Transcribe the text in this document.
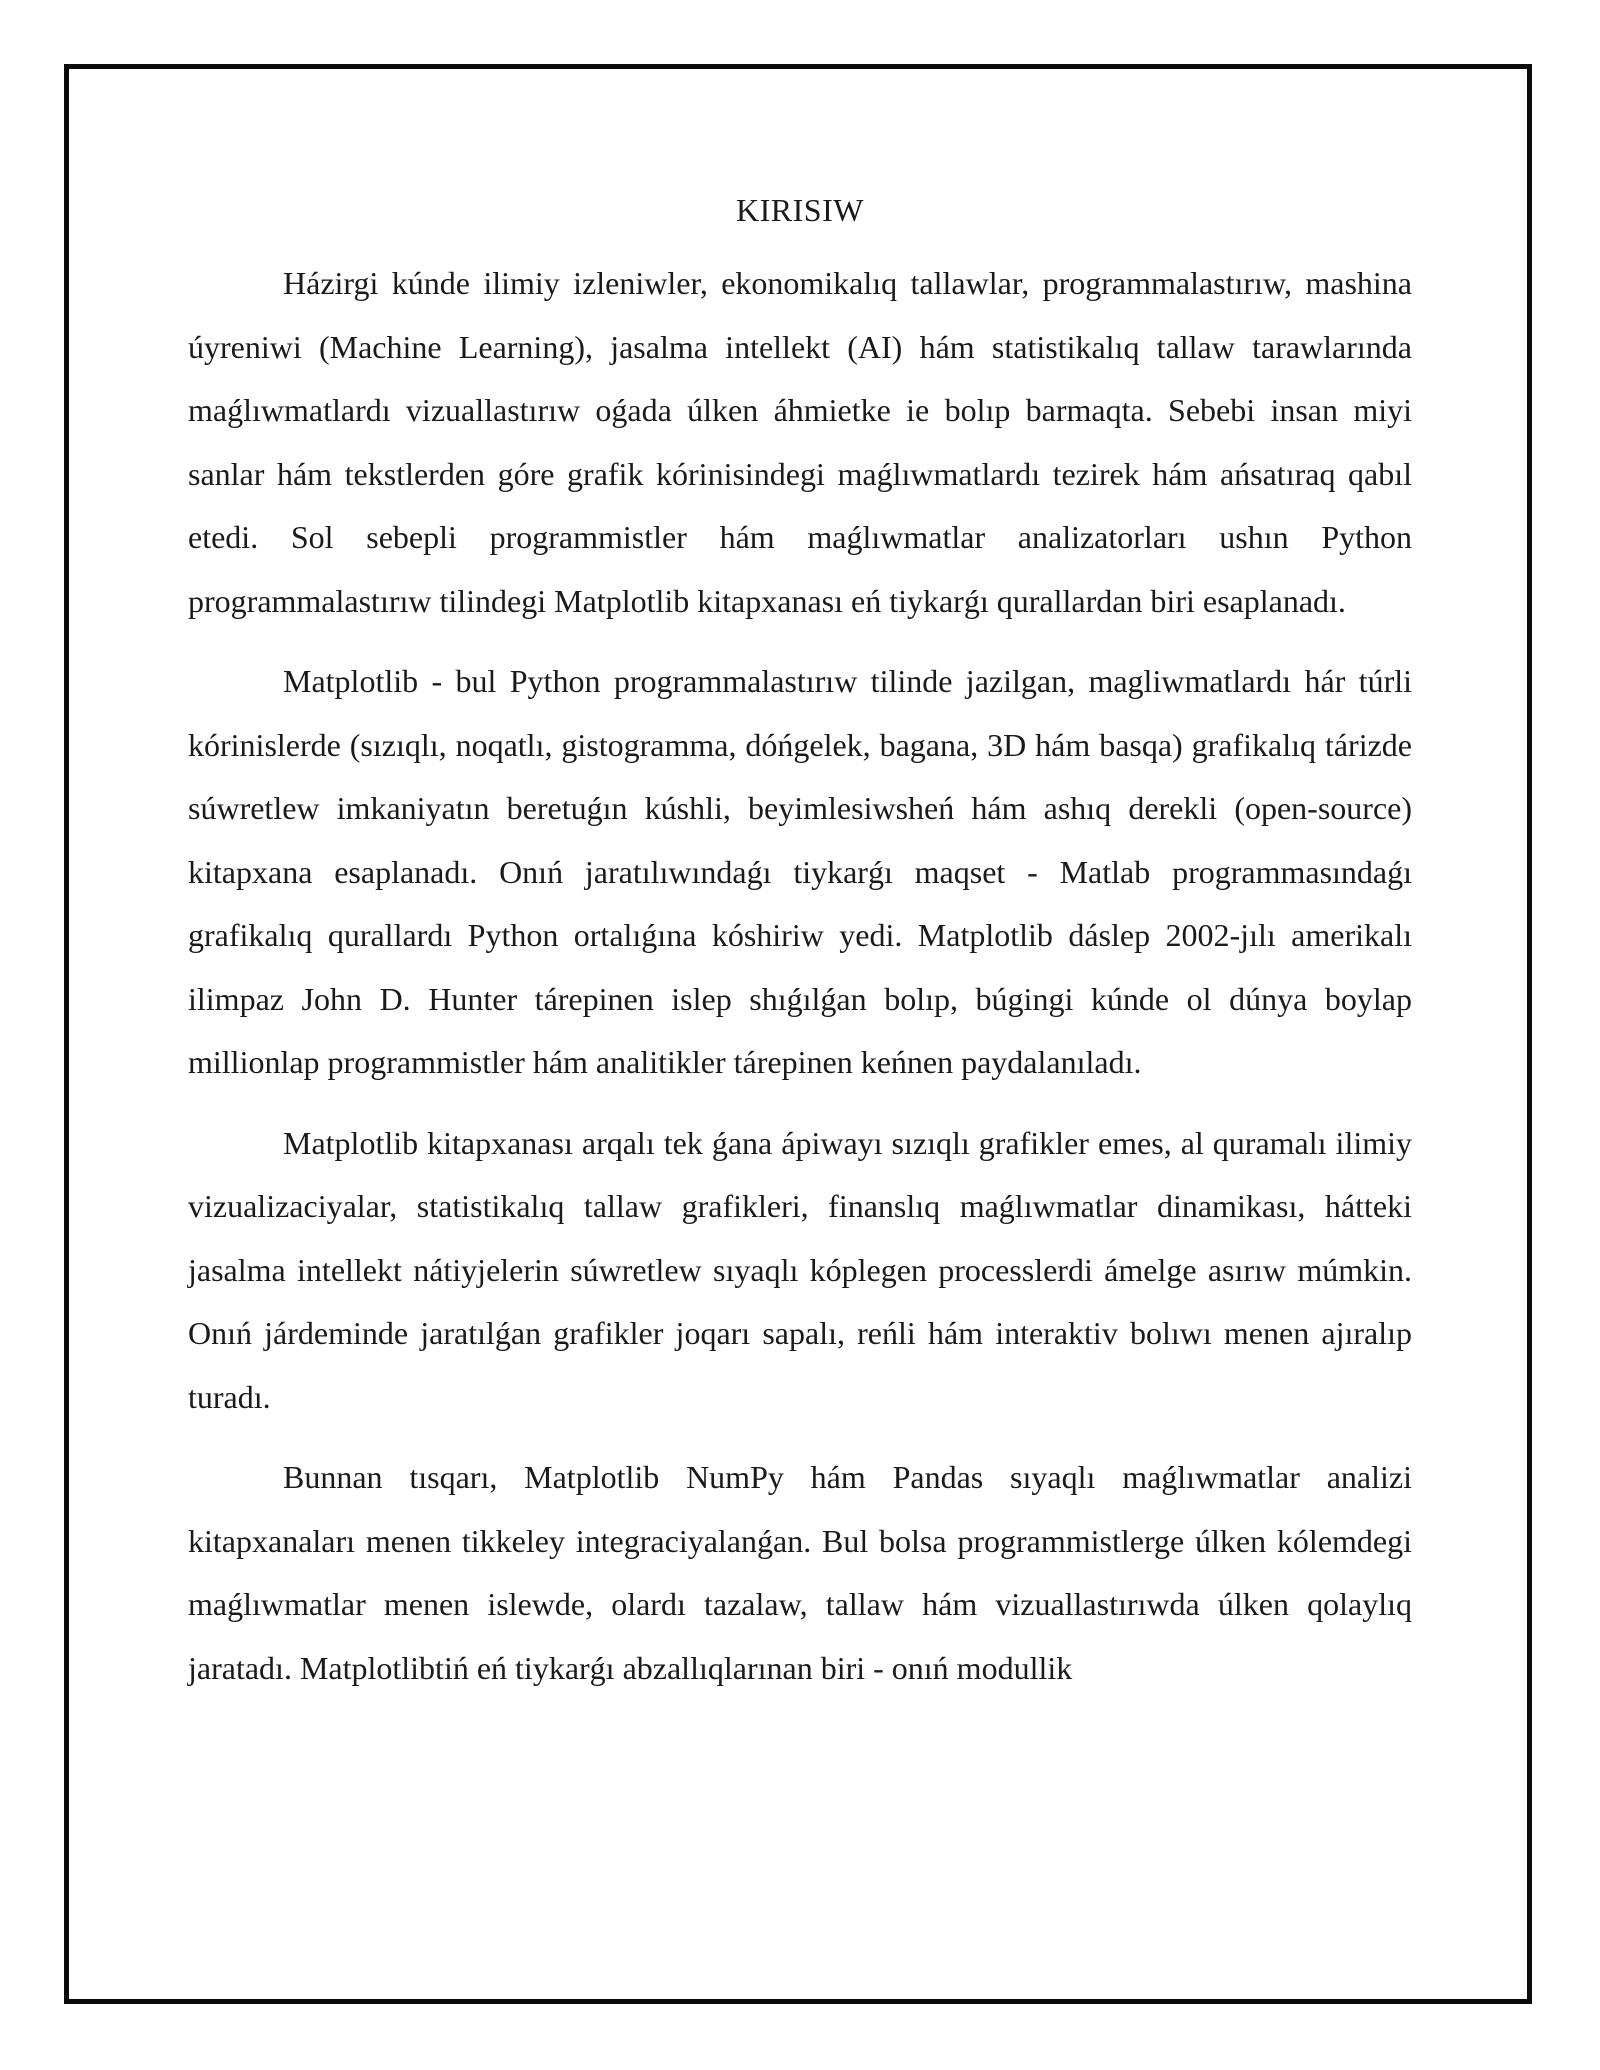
KIRISIW

Házirgi kúnde ilimiy izleniwler, ekonomikalıq tallawlar, programmalastırıw, mashina úyreniwi (Machine Learning), jasalma intellekt (AI) hám statistikalıq tallaw tarawlarında maǵlıwmatlardı vizuallastırıw oǵada úlken áhmietke ie bolıp barmaqta. Sebebi insan miyi sanlar hám tekstlerden góre grafik kórinisindegi maǵlıwmatlardı tezirek hám ańsatıraq qabıl etedi. Sol sebepli programmistler hám maǵlıwmatlar analizatorları ushın Python programmalastırıw tilindegi Matplotlib kitapxanası eń tiykarǵı qurallardan biri esaplanadı.

Matplotlib - bul Python programmalastırıw tilinde jazilgan, magliwmatlardı hár túrli kórinislerde (sızıqlı, noqatlı, gistogramma, dóńgelek, bagana, 3D hám basqa) grafikalıq tárizde súwretlew imkaniyatın beretuǵın kúshli, beyimlesiwsheń hám ashıq derekli (open-source) kitapxana esaplanadı. Onıń jaratılıwındaǵı tiykarǵı maqset - Matlab programmasındaǵı grafikalıq qurallardı Python ortalıǵına kóshiriw yedi. Matplotlib dáslep 2002-jılı amerikalı ilimpaz John D. Hunter tárepinen islep shıǵılǵan bolıp, búgingi kúnde ol dúnya boylap millionlap programmistler hám analitikler tárepinen keńnen paydalanıladı.

Matplotlib kitapxanası arqalı tek ǵana ápiwayı sızıqlı grafikler emes, al quramalı ilimiy vizualizaciyalar, statistikalıq tallaw grafikleri, finanslıq maǵlıwmatlar dinamikası, hátteki jasalma intellekt nátiyjelerin súwretlew sıyaqlı kóplegen processlerdi ámelge asırıw múmkin. Onıń járdeminde jaratılǵan grafikler joqarı sapalı, reńli hám interaktiv bolıwı menen ajıralıp turadı.

Bunnan tısqarı, Matplotlib NumPy hám Pandas sıyaqlı maǵlıwmatlar analizi kitapxanaları menen tikkeley integraciyalanǵan. Bul bolsa programmistlerge úlken kólemdegi maǵlıwmatlar menen islewde, olardı tazalaw, tallaw hám vizuallastırıwda úlken qolaylıq jaratadı. Matplotlibtiń eń tiykarǵı abzallıqlarınan biri - onıń modullik
